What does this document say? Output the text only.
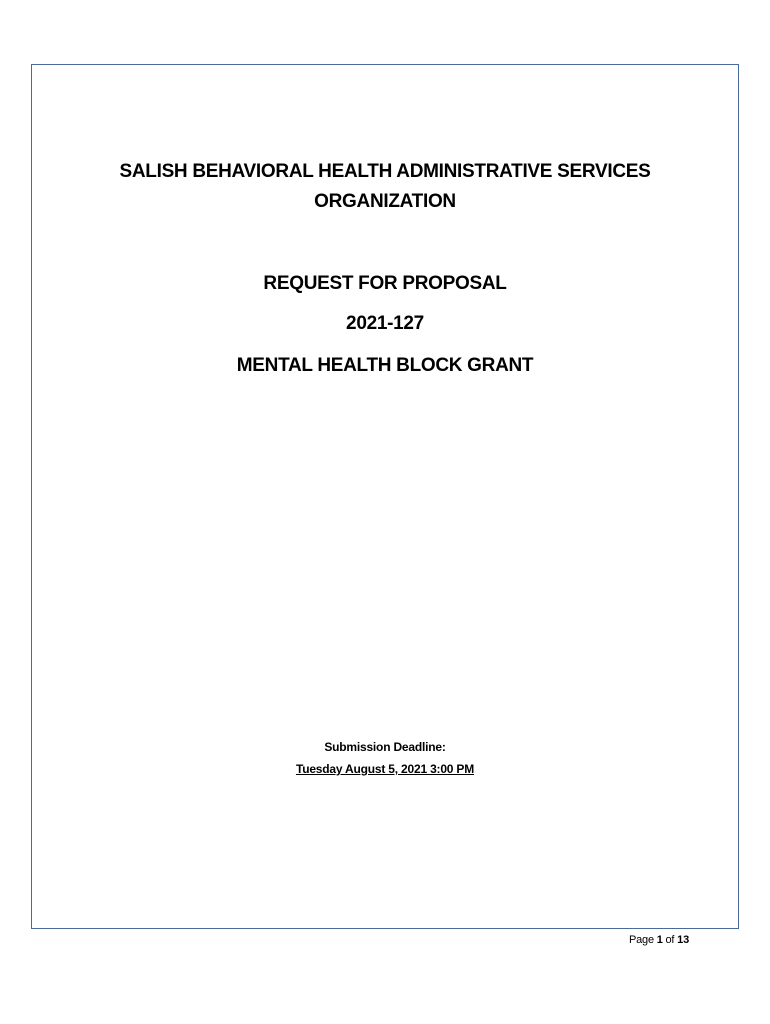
SALISH BEHAVIORAL HEALTH ADMINISTRATIVE SERVICES
ORGANIZATION
REQUEST FOR PROPOSAL
2021-127
MENTAL HEALTH BLOCK GRANT
Submission Deadline:
Tuesday August 5, 2021 3:00 PM
Page 1 of 13
